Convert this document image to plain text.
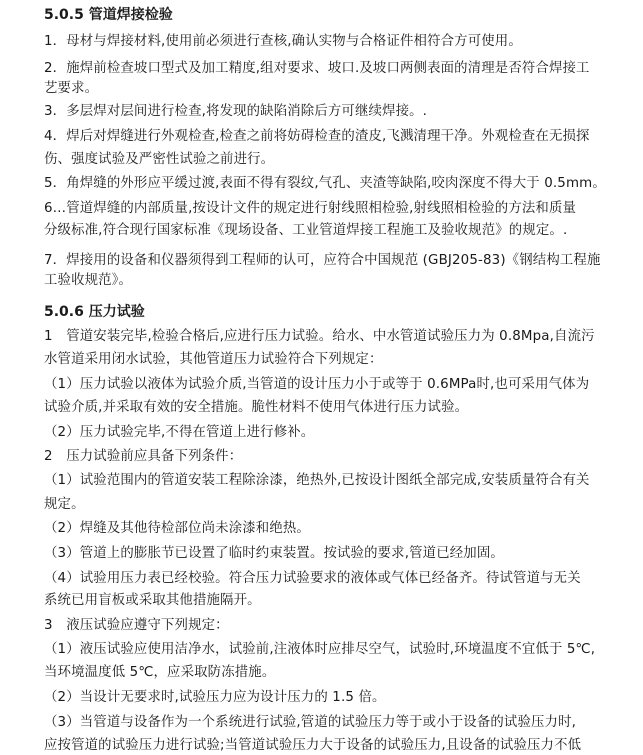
5.0.5 管道焊接检验
1．母材与焊接材料,使用前必须进行查核,确认实物与合格证件相符合方可使用。
2．施焊前检查坡口型式及加工精度,组对要求、坡口.及坡口两侧表面的清理是否符合焊接工
艺要求。
3．多层焊对层间进行检查,将发现的缺陷消除后方可继续焊接。.
4．焊后对焊缝进行外观检查,检查之前将妨碍检查的渣皮,飞溅清理干净。外观检查在无损探
伤、强度试验及严密性试验之前进行。
5．角焊缝的外形应平缓过渡,表面不得有裂纹,气孔、夹渣等缺陷,咬肉深度不得大于 0.5mm。
6…管道焊缝的内部质量,按设计文件的规定进行射线照相检验,射线照相检验的方法和质量
分级标准,符合现行国家标准《现场设备、工业管道焊接工程施工及验收规范》的规定。.
7．焊接用的设备和仪器须得到工程师的认可，应符合中国规范 (GBJ205-83)《钢结构工程施
工验收规范》。
5.0.6 压力试验
1　管道安装完毕,检验合格后,应进行压力试验。给水、中水管道试验压力为 0.8Mpa,自流污
水管道采用闭水试验，其他管道压力试验符合下列规定：
（1）压力试验以液体为试验介质,当管道的设计压力小于或等于 0.6MPa时,也可采用气体为
试验介质,并采取有效的安全措施。脆性材料不使用气体进行压力试验。
（2）压力试验完毕,不得在管道上进行修补。
2　压力试验前应具备下列条件：
（1）试验范围内的管道安装工程除涂漆，绝热外,已按设计图纸全部完成,安装质量符合有关
规定。
（2）焊缝及其他待检部位尚未涂漆和绝热。
（3）管道上的膨胀节已设置了临时约束装置。按试验的要求,管道已经加固。
（4）试验用压力表已经校验。符合压力试验要求的液体或气体已经备齐。待试管道与无关
系统已用盲板或采取其他措施隔开。
3　液压试验应遵守下列规定：
（1）液压试验应使用洁净水，试验前,注液体时应排尽空气，试验时,环境温度不宜低于 5℃,
当环境温度低 5℃，应采取防冻措施。
（2）当设计无要求时,试验压力应为设计压力的 1.5 倍。
（3）当管道与设备作为一个系统进行试验,管道的试验压力等于或小于设备的试验压力时,
应按管道的试验压力进行试验;当管道试验压力大于设备的试验压力,且设备的试验压力不低
